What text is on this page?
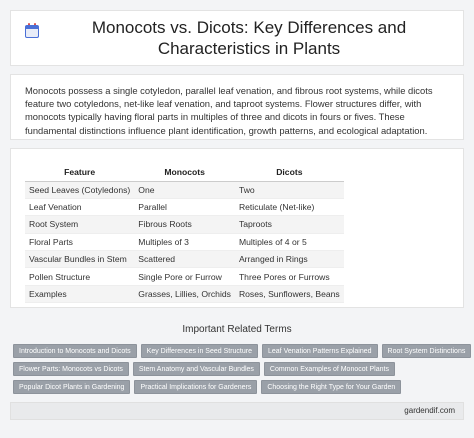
Monocots vs. Dicots: Key Differences and Characteristics in Plants
Monocots possess a single cotyledon, parallel leaf venation, and fibrous root systems, while dicots feature two cotyledons, net-like leaf venation, and taproot systems. Flower structures differ, with monocots typically having floral parts in multiples of three and dicots in fours or fives. These fundamental distinctions influence plant identification, growth patterns, and ecological adaptation.
Feature	Monocots	Dicots
Seed Leaves (Cotyledons)	One	Two
Leaf Venation	Parallel	Reticulate (Net-like)
Root System	Fibrous Roots	Taproots
Floral Parts	Multiples of 3	Multiples of 4 or 5
Vascular Bundles in Stem	Scattered	Arranged in Rings
Pollen Structure	Single Pore or Furrow	Three Pores or Furrows
Examples	Grasses, Lillies, Orchids	Roses, Sunflowers, Beans
Important Related Terms
Introduction to Monocots and Dicots	Key Differences in Seed Structure	Leaf Venation Patterns Explained	Root System Distinctions
Flower Parts: Monocots vs Dicots	Stem Anatomy and Vascular Bundles	Common Examples of Monocot Plants
Popular Dicot Plants in Gardening	Practical Implications for Gardeners	Choosing the Right Type for Your Garden
gardendif.com
